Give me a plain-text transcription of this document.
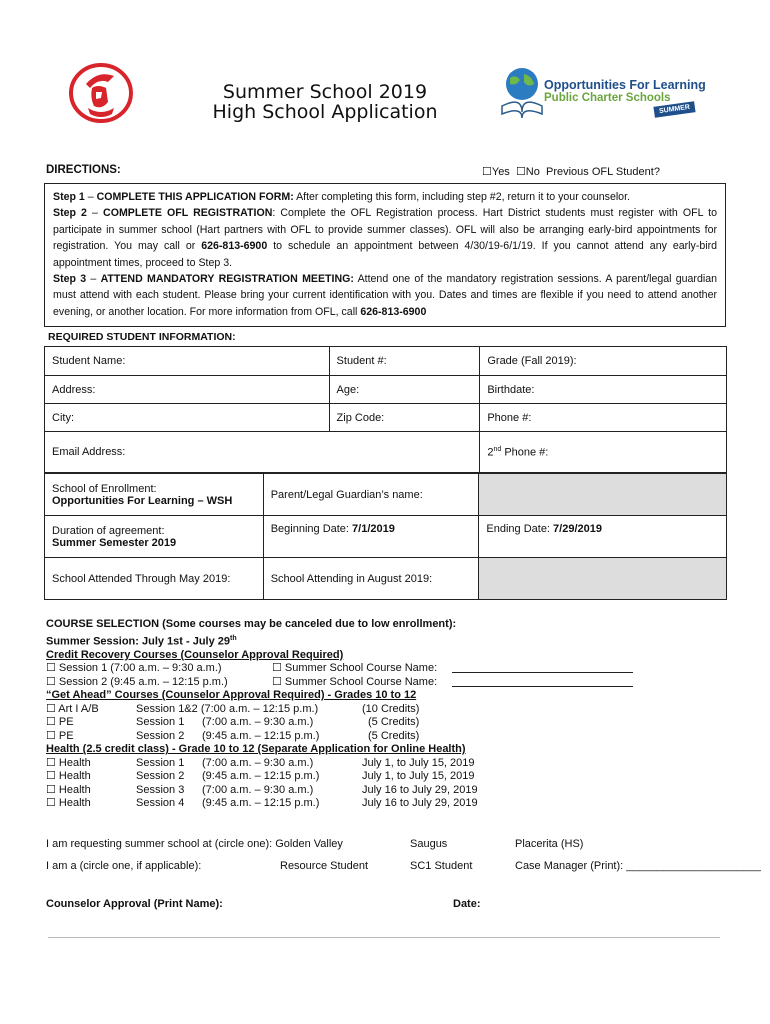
Summer School 2019
High School Application
Opportunities For Learning
Public Charter Schools
SUMMER
DIRECTIONS:	☐Yes ☐No Previous OFL Student?

Step 1 – COMPLETE THIS APPLICATION FORM: After completing this form, including step #2, return it to your counselor.

Step 2 – COMPLETE OFL REGISTRATION: Complete the OFL Registration process. Hart District students must register with OFL to participate in summer school (Hart partners with OFL to provide summer classes). OFL will also be arranging early-bird appointments for registration. You may call or 626-813-6900 to schedule an appointment between 4/30/19-6/1/19. If you cannot attend any early-bird appointment times, proceed to Step 3.

Step 3 – ATTEND MANDATORY REGISTRATION MEETING: Attend one of the mandatory registration sessions. A parent/legal guardian must attend with each student. Please bring your current identification with you. Dates and times are flexible if you need to attend another evening, or another location. For more information from OFL, call 626-813-6900

REQUIRED STUDENT INFORMATION:
Student Name:	Student #:	Grade (Fall 2019):
Address:	Age:	Birthdate:
City:	Zip Code:	Phone #:
Email Address:		2nd Phone #:
School of Enrollment:
Opportunities For Learning – WSH	Parent/Legal Guardian’s name:	

Duration of agreement:
Summer Semester 2019	Beginning Date: 7/1/2019	Ending Date: 7/29/2019
School Attended Through May 2019:	School Attending in August 2019:	
COURSE SELECTION (Some courses may be canceled due to low enrollment):
Summer Session: July 1st - July 29th
Credit Recovery Courses (Counselor Approval Required)
☐ Session 1 (7:00 a.m. – 9:30 a.m.)	☐ Summer School Course Name:
☐ Session 2 (9:45 a.m. – 12:15 p.m.)	☐ Summer School Course Name:
“Get Ahead” Courses (Counselor Approval Required) - Grades 10 to 12
☐ Art I A/B	Session 1&2 (7:00 a.m. – 12:15 p.m.)	(10 Credits)
☐ PE	Session 1 (7:00 a.m. – 9:30 a.m.)	(5 Credits)
☐ PE	Session 2 (9:45 a.m. – 12:15 p.m.)	(5 Credits)
Health (2.5 credit class) - Grade 10 to 12 (Separate Application for Online Health)
☐ Health	Session 1 (7:00 a.m. – 9:30 a.m.)	July 1, to July 15, 2019
☐ Health	Session 2 (9:45 a.m. – 12:15 p.m.)	July 1, to July 15, 2019
☐ Health	Session 3 (7:00 a.m. – 9:30 a.m.)	July 16 to July 29, 2019
☐ Health	Session 4 (9:45 a.m. – 12:15 p.m.)	July 16 to July 29, 2019
I am requesting summer school at (circle one): Golden Valley	Saugus	Placerita (HS)
I am a (circle one, if applicable):	Resource Student	SC1 Student	Case Manager (Print): ______________________
Counselor Approval (Print Name):	Date:
